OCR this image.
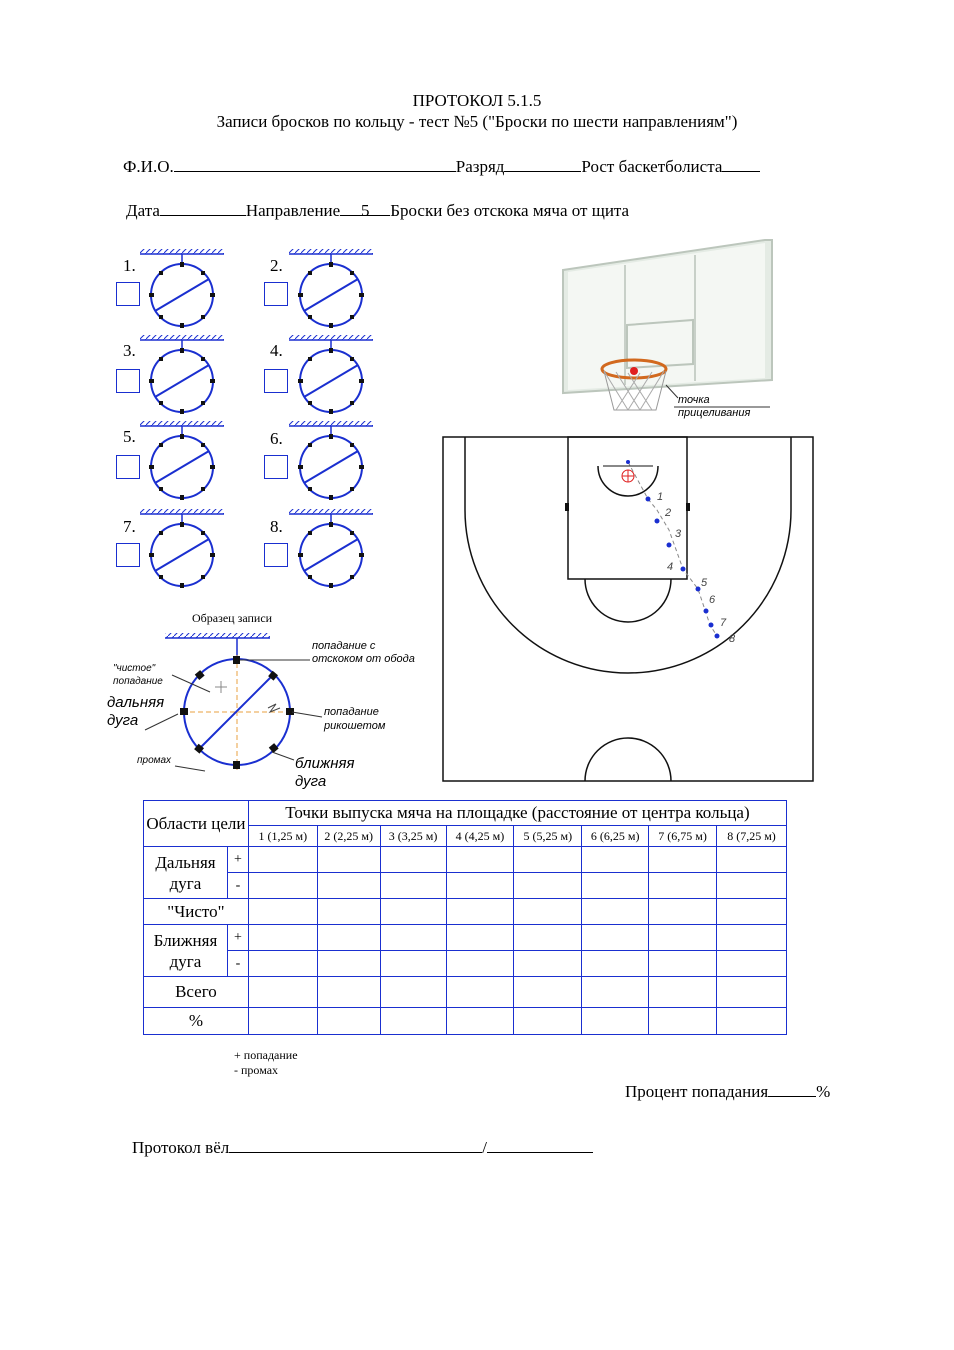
ПРОТОКОЛ 5.1.5
Записи бросков по кольцу - тест №5 ("Броски по шести направлениям")
Ф.И.О.	Разряд	Рост баскетболиста
Дата	Направление 5 Броски без отскока мяча от щита
1.	2.
3.	4.
5.	6.
7.	8.
Образец записи
попадание с
отскоком от обода
"чистое"
попадание
дальняя
дуга	попадание
рикошетом
промах	ближняя
дуга
точка
прицеливания
1
2
3
4
5
6
7
8
Области цели		Точки выпуска мяча на площадке (расстояние от центра кольца)							
		1 (1,25 м)	2 (2,25 м)	3 (3,25 м)	4 (4,25 м)	5 (5,25 м)	6 (6,25 м)	7 (6,75 м)	8 (7,25 м)
Дальняя дуга	+								
	-								
"Чисто"									
Ближняя дуга	+								
	-								
Всего									
%									
+ попадание
- промах
Процент попадания	%
Протокол вёл	/
